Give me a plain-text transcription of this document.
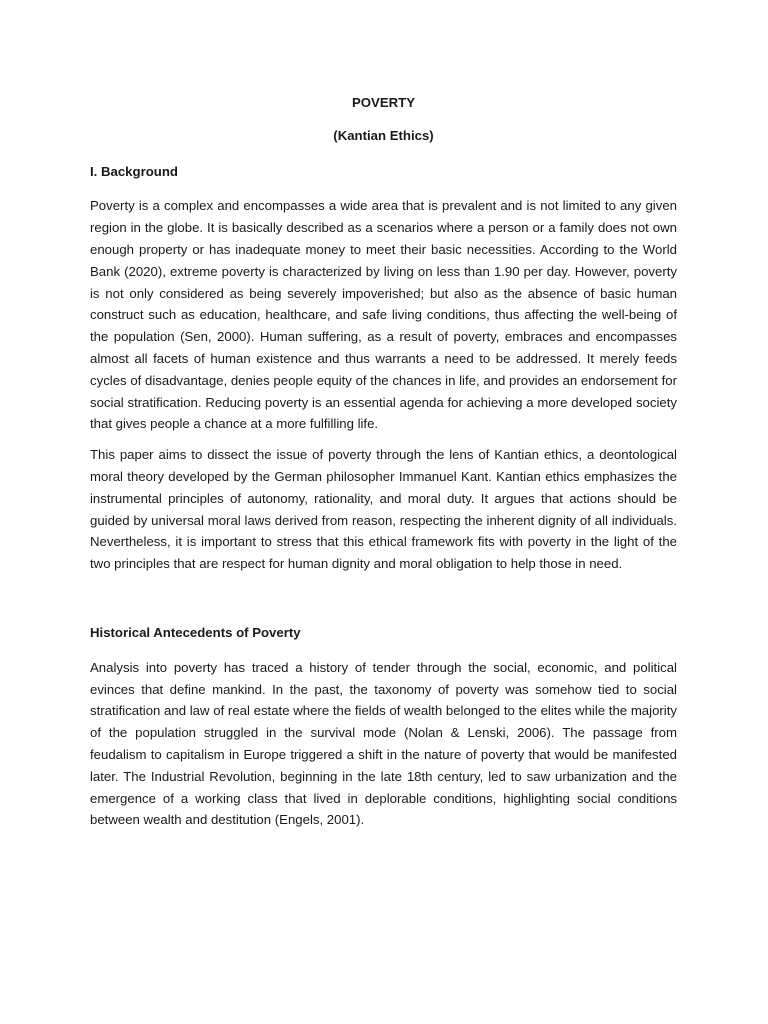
POVERTY

(Kantian Ethics)

I. Background

Poverty is a complex and encompasses a wide area that is prevalent and is not limited to any given region in the globe. It is basically described as a scenarios where a person or a family does not own enough property or has inadequate money to meet their basic necessities. According to the World Bank (2020), extreme poverty is characterized by living on less than 1.90 per day. However, poverty is not only considered as being severely impoverished; but also as the absence of basic human construct such as education, healthcare, and safe living conditions, thus affecting the well-being of the population (Sen, 2000). Human suffering, as a result of poverty, embraces and encompasses almost all facets of human existence and thus warrants a need to be addressed. It merely feeds cycles of disadvantage, denies people equity of the chances in life, and provides an endorsement for social stratification. Reducing poverty is an essential agenda for achieving a more developed society that gives people a chance at a more fulfilling life.

This paper aims to dissect the issue of poverty through the lens of Kantian ethics, a deontological moral theory developed by the German philosopher Immanuel Kant. Kantian ethics emphasizes the instrumental principles of autonomy, rationality, and moral duty. It argues that actions should be guided by universal moral laws derived from reason, respecting the inherent dignity of all individuals. Nevertheless, it is important to stress that this ethical framework fits with poverty in the light of the two principles that are respect for human dignity and moral obligation to help those in need.

Historical Antecedents of Poverty

Analysis into poverty has traced a history of tender through the social, economic, and political evinces that define mankind. In the past, the taxonomy of poverty was somehow tied to social stratification and law of real estate where the fields of wealth belonged to the elites while the majority of the population struggled in the survival mode (Nolan & Lenski, 2006). The passage from feudalism to capitalism in Europe triggered a shift in the nature of poverty that would be manifested later. The Industrial Revolution, beginning in the late 18th century, led to saw urbanization and the emergence of a working class that lived in deplorable conditions, highlighting social conditions between wealth and destitution (Engels, 2001).
